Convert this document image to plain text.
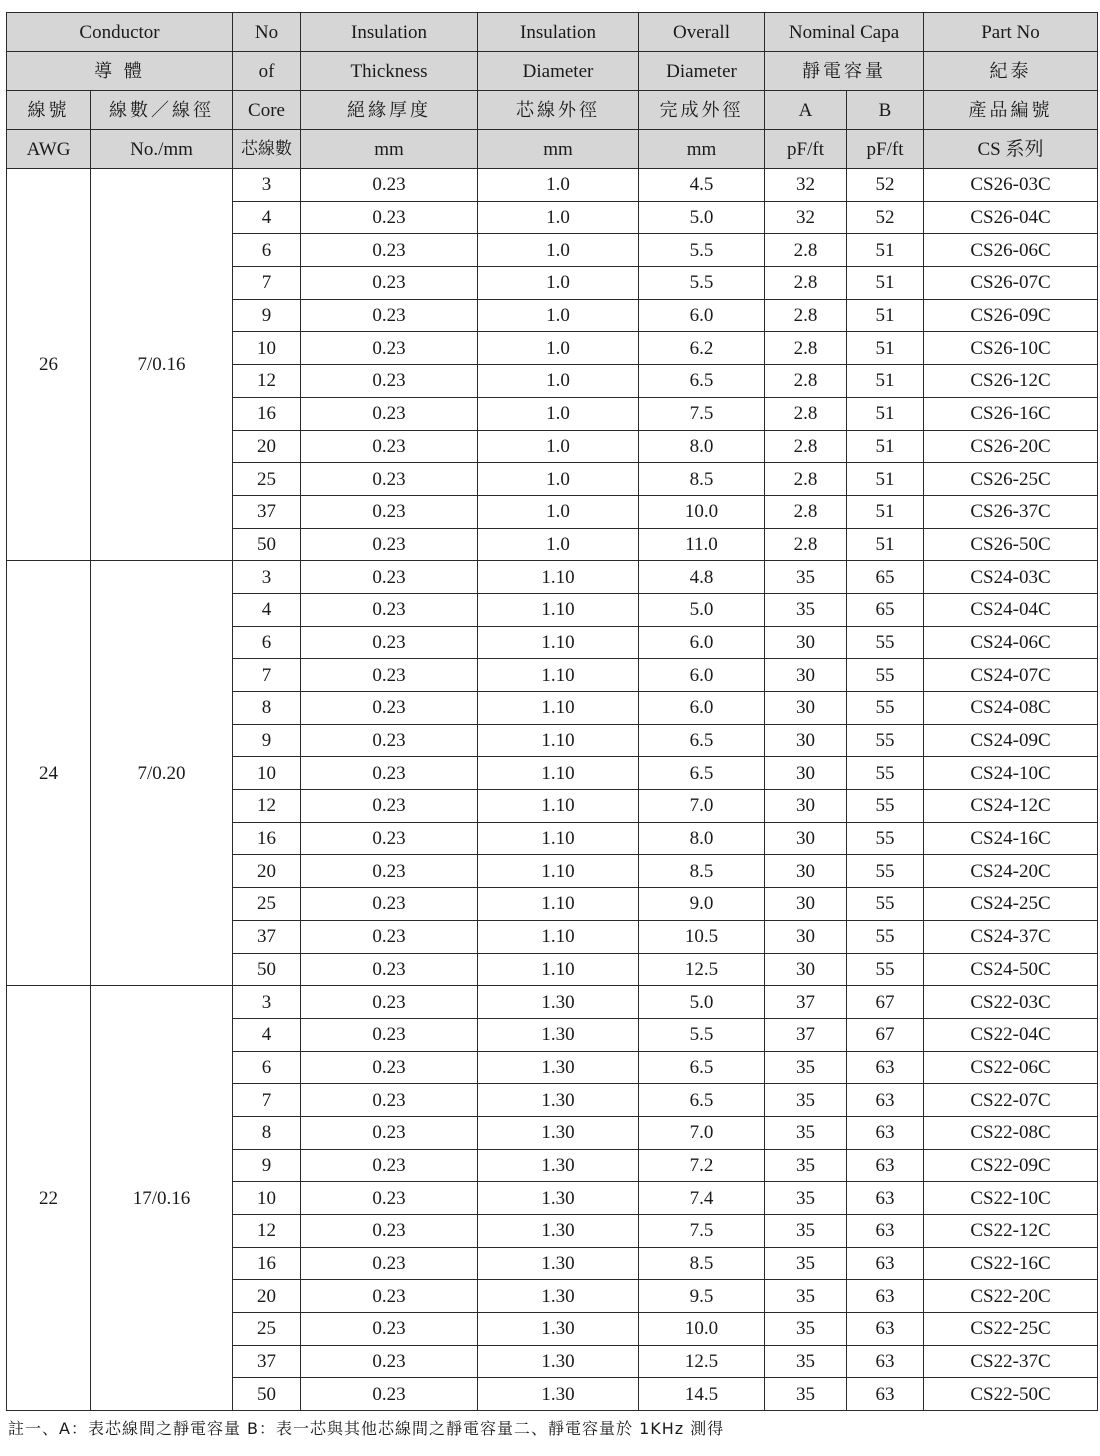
Conductor		No	Insulation	Insulation	Overall	Nominal Capa		Part No
導 體		of	Thickness	Diameter	Diameter	靜電容量		紀泰
線號	線數／線徑	Core	絕緣厚度	芯線外徑	完成外徑	A	B	產品編號
AWG	No./mm	芯線數	mm	mm	mm	pF/ft	pF/ft	CS 系列
26	7/0.16	3	0.23	1.0	4.5	32	52	CS26-03C
		4	0.23	1.0	5.0	32	52	CS26-04C
		6	0.23	1.0	5.5	2.8	51	CS26-06C
		7	0.23	1.0	5.5	2.8	51	CS26-07C
		9	0.23	1.0	6.0	2.8	51	CS26-09C
		10	0.23	1.0	6.2	2.8	51	CS26-10C
		12	0.23	1.0	6.5	2.8	51	CS26-12C
		16	0.23	1.0	7.5	2.8	51	CS26-16C
		20	0.23	1.0	8.0	2.8	51	CS26-20C
		25	0.23	1.0	8.5	2.8	51	CS26-25C
		37	0.23	1.0	10.0	2.8	51	CS26-37C
		50	0.23	1.0	11.0	2.8	51	CS26-50C
24	7/0.20	3	0.23	1.10	4.8	35	65	CS24-03C
		4	0.23	1.10	5.0	35	65	CS24-04C
		6	0.23	1.10	6.0	30	55	CS24-06C
		7	0.23	1.10	6.0	30	55	CS24-07C
		8	0.23	1.10	6.0	30	55	CS24-08C
		9	0.23	1.10	6.5	30	55	CS24-09C
		10	0.23	1.10	6.5	30	55	CS24-10C
		12	0.23	1.10	7.0	30	55	CS24-12C
		16	0.23	1.10	8.0	30	55	CS24-16C
		20	0.23	1.10	8.5	30	55	CS24-20C
		25	0.23	1.10	9.0	30	55	CS24-25C
		37	0.23	1.10	10.5	30	55	CS24-37C
		50	0.23	1.10	12.5	30	55	CS24-50C
22	17/0.16	3	0.23	1.30	5.0	37	67	CS22-03C
		4	0.23	1.30	5.5	37	67	CS22-04C
		6	0.23	1.30	6.5	35	63	CS22-06C
		7	0.23	1.30	6.5	35	63	CS22-07C
		8	0.23	1.30	7.0	35	63	CS22-08C
		9	0.23	1.30	7.2	35	63	CS22-09C
		10	0.23	1.30	7.4	35	63	CS22-10C
		12	0.23	1.30	7.5	35	63	CS22-12C
		16	0.23	1.30	8.5	35	63	CS22-16C
		20	0.23	1.30	9.5	35	63	CS22-20C
		25	0.23	1.30	10.0	35	63	CS22-25C
		37	0.23	1.30	12.5	35	63	CS22-37C
		50	0.23	1.30	14.5	35	63	CS22-50C
註一、A：表芯線間之靜電容量 B：表一芯與其他芯線間之靜電容量二、靜電容量於 1KHz 測得
